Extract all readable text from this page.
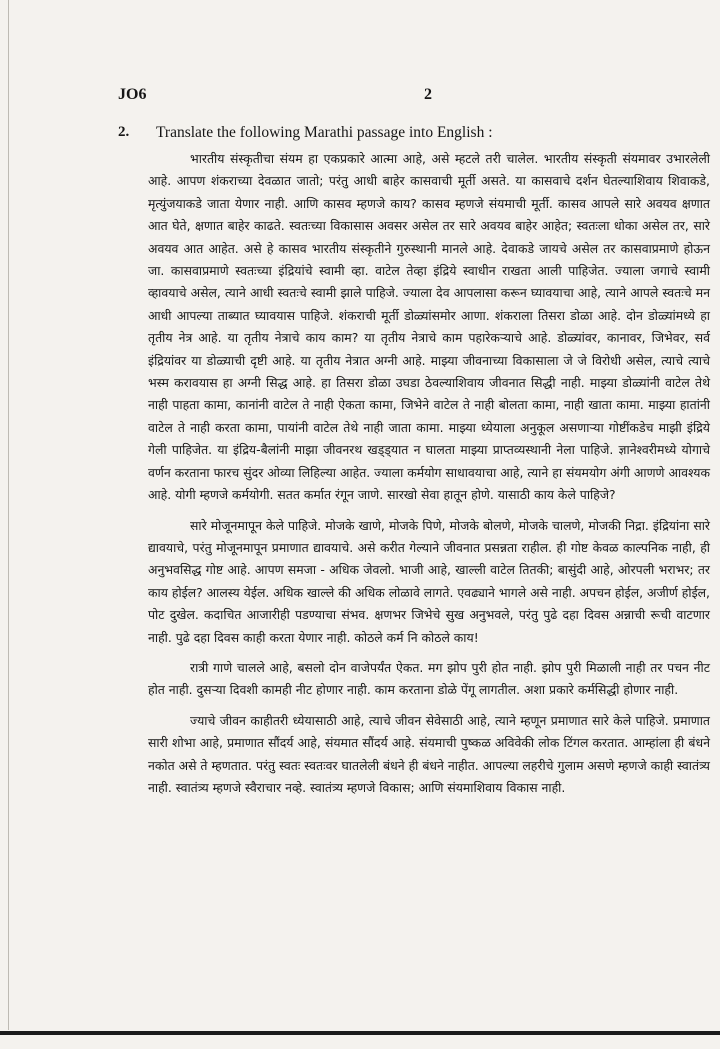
JO6	2
2. Translate the following Marathi passage into English :

भारतीय संस्कृतीचा संयम हा एकप्रकारे आत्मा आहे, असे म्हटले तरी चालेल. भारतीय संस्कृती संयमावर उभारलेली आहे. आपण शंकराच्या देवळात जातो; परंतु आधी बाहेर कासवाची मूर्ती असते. या कासवाचे दर्शन घेतल्याशिवाय शिवाकडे, मृत्युंजयाकडे जाता येणार नाही. आणि कासव म्हणजे काय? कासव म्हणजे संयमाची मूर्ती. कासव आपले सारे अवयव क्षणात आत घेते, क्षणात बाहेर काढते. स्वतःच्या विकासास अवसर असेल तर सारे अवयव बाहेर आहेत; स्वतःला धोका असेल तर, सारे अवयव आत आहेत. असे हे कासव भारतीय संस्कृतीने गुरुस्थानी मानले आहे. देवाकडे जायचे असेल तर कासवाप्रमाणे होऊन जा. कासवाप्रमाणे स्वतःच्या इंद्रियांचे स्वामी व्हा. वाटेल तेव्हा इंद्रिये स्वाधीन राखता आली पाहिजेत. ज्याला जगाचे स्वामी व्हावयाचे असेल, त्याने आधी स्वतःचे स्वामी झाले पाहिजे. ज्याला देव आपलासा करून घ्यावयाचा आहे, त्याने आपले स्वतःचे मन आधी आपल्या ताब्यात घ्यावयास पाहिजे. शंकराची मूर्ती डोळ्यांसमोर आणा. शंकराला तिसरा डोळा आहे. दोन डोळ्यांमध्ये हा तृतीय नेत्र आहे. या तृतीय नेत्राचे काय काम? या तृतीय नेत्राचे काम पहारेकऱ्याचे आहे. डोळ्यांवर, कानावर, जिभेवर, सर्व इंद्रियांवर या डोळ्याची दृष्टी आहे. या तृतीय नेत्रात अग्नी आहे. माझ्या जीवनाच्या विकासाला जे जे विरोधी असेल, त्याचे त्याचे भस्म करावयास हा अग्नी सिद्ध आहे. हा तिसरा डोळा उघडा ठेवल्याशिवाय जीवनात सिद्धी नाही. माझ्या डोळ्यांनी वाटेल तेथे नाही पाहता कामा, कानांनी वाटेल ते नाही ऐकता कामा, जिभेने वाटेल ते नाही बोलता कामा, नाही खाता कामा. माझ्या हातांनी वाटेल ते नाही करता कामा, पायांनी वाटेल तेथे नाही जाता कामा. माझ्या ध्येयाला अनुकूल असणाऱ्या गोष्टींकडेच माझी इंद्रिये गेली पाहिजेत. या इंद्रिय-बैलांनी माझा जीवनरथ खड्ड्यात न घालता माझ्या प्राप्तव्यस्थानी नेला पाहिजे. ज्ञानेश्वरीमध्ये योगाचे वर्णन करताना फारच सुंदर ओव्या लिहिल्या आहेत. ज्याला कर्मयोग साधावयाचा आहे, त्याने हा संयमयोग अंगी आणणे आवश्यक आहे. योगी म्हणजे कर्मयोगी. सतत कर्मात रंगून जाणे. सारखो सेवा हातून होणे. यासाठी काय केले पाहिजे?

सारे मोजूनमापून केले पाहिजे. मोजके खाणे, मोजके पिणे, मोजके बोलणे, मोजके चालणे, मोजकी निद्रा. इंद्रियांना सारे द्यावयाचे, परंतु मोजूनमापून प्रमाणात द्यावयाचे. असे करीत गेल्याने जीवनात प्रसन्नता राहील. ही गोष्ट केवळ काल्पनिक नाही, ही अनुभवसिद्ध गोष्ट आहे. आपण समजा - अधिक जेवलो. भाजी आहे, खाल्ली वाटेल तितकी; बासुंदी आहे, ओरपली भराभर; तर काय होईल? आलस्य येईल. अधिक खाल्ले की अधिक लोळावे लागते. एवढ्याने भागले असे नाही. अपचन होईल, अजीर्ण होईल, पोट दुखेल. कदाचित आजारीही पडण्याचा संभव. क्षणभर जिभेचे सुख अनुभवले, परंतु पुढे दहा दिवस अन्नाची रूची वाटणार नाही. पुढे दहा दिवस काही करता येणार नाही. कोठले कर्म नि कोठले काय!

रात्री गाणे चालले आहे, बसलो दोन वाजेपर्यंत ऐकत. मग झोप पुरी होत नाही. झोप पुरी मिळाली नाही तर पचन नीट होत नाही. दुसऱ्या दिवशी कामही नीट होणार नाही. काम करताना डोळे पेंगू लागतील. अशा प्रकारे कर्मसिद्धी होणार नाही.

ज्याचे जीवन काहीतरी ध्येयासाठी आहे, त्याचे जीवन सेवेसाठी आहे, त्याने म्हणून प्रमाणात सारे केले पाहिजे. प्रमाणात सारी शोभा आहे, प्रमाणात सौंदर्य आहे, संयमात सौंदर्य आहे. संयमाची पुष्कळ अविवेकी लोक टिंगल करतात. आम्हांला ही बंधने नकोत असे ते म्हणतात. परंतु स्वतः स्वतःवर घातलेली बंधने ही बंधने नाहीत. आपल्या लहरीचे गुलाम असणे म्हणजे काही स्वातंत्र्य नाही. स्वातंत्र्य म्हणजे स्वैराचार नव्हे. स्वातंत्र्य म्हणजे विकास; आणि संयमाशिवाय विकास नाही.
